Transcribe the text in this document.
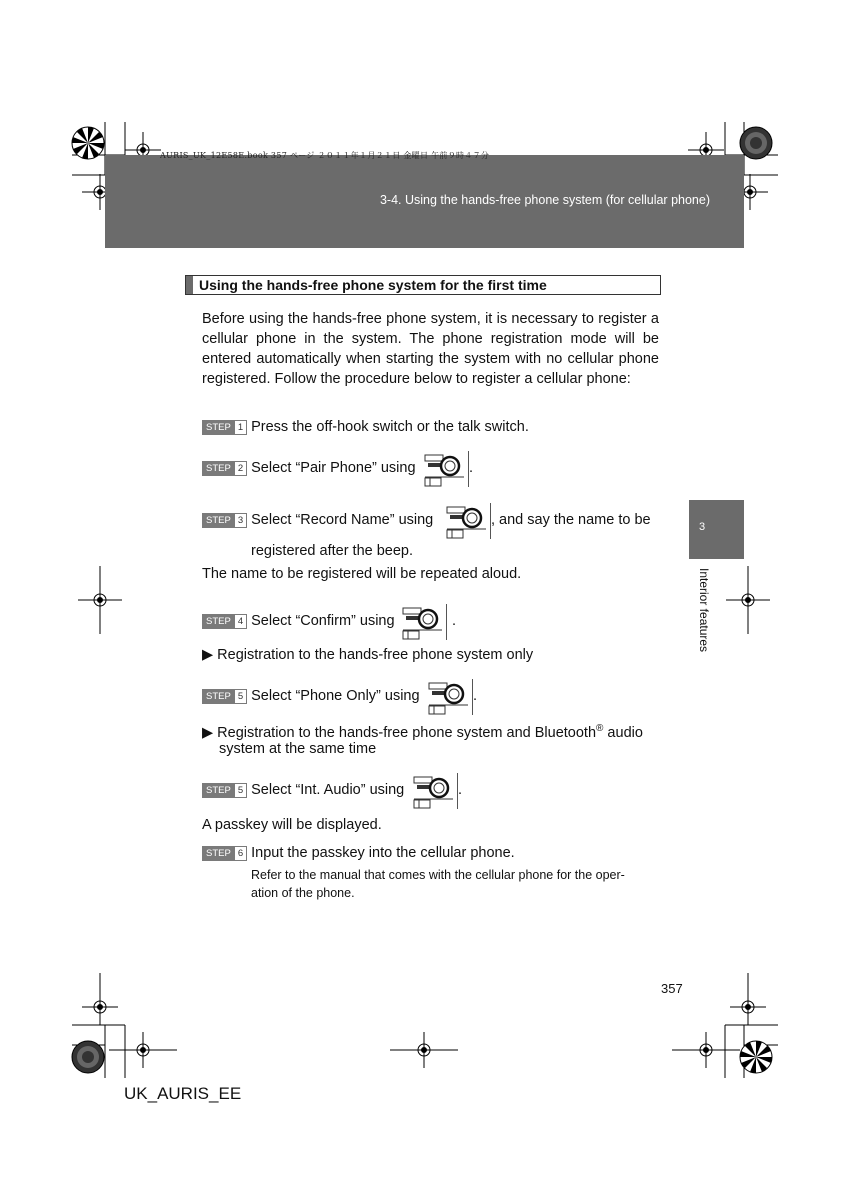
3-4. Using the hands-free phone system (for cellular phone)
AURIS_UK_12E58E.book 357 ページ ２０１１年１月２１日 金曜日 午前９時４７分
3
Interior features
Using the hands-free phone system for the first time
Before using the hands-free phone system, it is necessary to register a cellular phone in the system. The phone registration mode will be entered automatically when starting the system with no cellular phone registered. Follow the procedure below to register a cellular phone:
STEP 1 Press the off-hook switch or the talk switch.
STEP 2 Select “Pair Phone” using	.
STEP 3 Select “Record Name” using	, and say the name to be
registered after the beep.
The name to be registered will be repeated aloud.
STEP 4 Select “Confirm” using	.
▶ Registration to the hands-free phone system only
STEP 5 Select “Phone Only” using	.
▶ Registration to the hands-free phone system and Bluetooth® audio
system at the same time
STEP 5 Select “Int. Audio” using	.
A passkey will be displayed.
STEP 6 Input the passkey into the cellular phone.
Refer to the manual that comes with the cellular phone for the oper-
ation of the phone.
357
UK_AURIS_EE
